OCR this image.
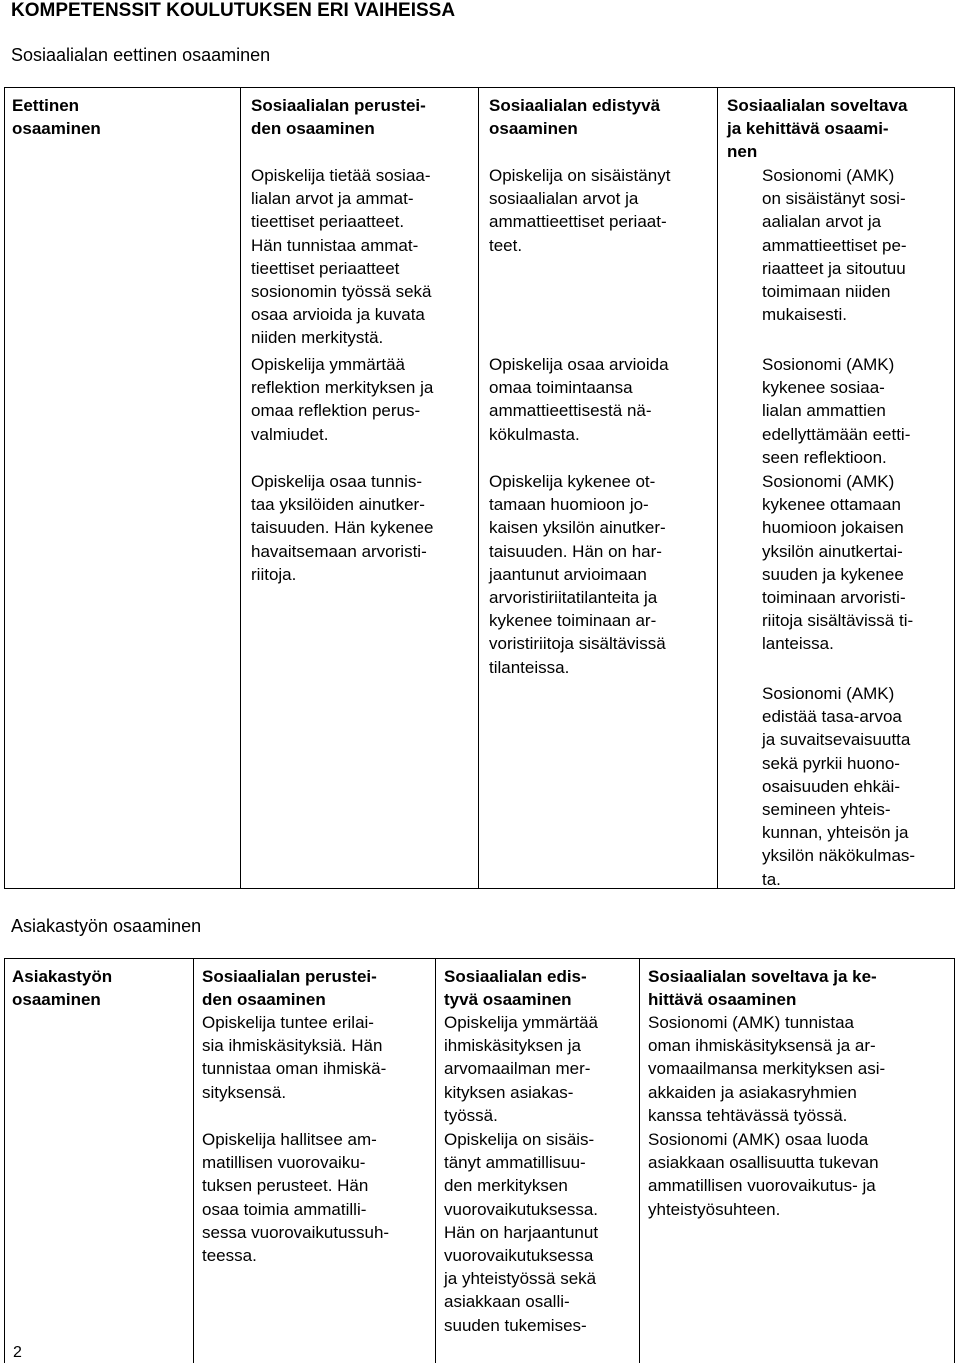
KOMPETENSSIT KOULUTUKSEN ERI VAIHEISSA
Sosiaalialan eettinen osaaminen
Eettinen
osaaminen
Sosiaalialan perustei-
den osaaminen
Opiskelija tietää sosiaa-
lialan arvot ja ammat-
tieettiset periaatteet.
Hän tunnistaa ammat-
tieettiset periaatteet
sosionomin työssä sekä
osaa arvioida ja kuvata
niiden merkitystä.
Opiskelija ymmärtää
reflektion merkityksen ja
omaa reflektion perus-
valmiudet.
Opiskelija osaa tunnis-
taa yksilöiden ainutker-
taisuuden. Hän kykenee
havaitsemaan arvoristi-
riitoja.
Sosiaalialan edistyvä
osaaminen
Opiskelija on sisäistänyt
sosiaalialan arvot ja
ammattieettiset periaat-
teet.
Opiskelija osaa arvioida
omaa toimintaansa
ammattieettisestä nä-
kökulmasta.
Opiskelija kykenee ot-
tamaan huomioon jo-
kaisen yksilön ainutker-
taisuuden. Hän on har-
jaantunut arvioimaan
arvoristiriitatilanteita ja
kykenee toiminaan ar-
voristiriitoja sisältävissä
tilanteissa.
Sosiaalialan soveltava
ja kehittävä osaami-
nen
Sosionomi (AMK)
on sisäistänyt sosi-
aalialan arvot ja
ammattieettiset pe-
riaatteet ja sitoutuu
toimimaan niiden
mukaisesti.
Sosionomi (AMK)
kykenee sosiaa-
lialan ammattien
edellyttämään eetti-
seen reflektioon.
Sosionomi (AMK)
kykenee ottamaan
huomioon jokaisen
yksilön ainutkertai-
suuden ja kykenee
toiminaan arvoristi-
riitoja sisältävissä ti-
lanteissa.
Sosionomi (AMK)
edistää tasa-arvoa
ja suvaitsevaisuutta
sekä pyrkii huono-
osaisuuden ehkäi-
semineen yhteis-
kunnan, yhteisön ja
yksilön näkökulmas-
ta.
Asiakastyön osaaminen
Asiakastyön
osaaminen
Sosiaalialan perustei-
den osaaminen
Opiskelija tuntee erilai-
sia ihmiskäsityksiä. Hän
tunnistaa oman ihmiskä-
sityksensä.
Opiskelija hallitsee am-
matillisen vuorovaiku-
tuksen perusteet. Hän
osaa toimia ammatilli-
sessa vuorovaikutussuh-
teessa.
Sosiaalialan edis-
tyvä osaaminen
Opiskelija ymmärtää
ihmiskäsityksen ja
arvomaailman mer-
kityksen asiakas-
työssä.
Opiskelija on sisäis-
tänyt ammatillisuu-
den merkityksen
vuorovaikutuksessa.
Hän on harjaantunut
vuorovaikutuksessa
ja yhteistyössä sekä
asiakkaan osalli-
suuden tukemises-
Sosiaalialan soveltava ja ke-
hittävä osaaminen
Sosionomi (AMK) tunnistaa
oman ihmiskäsityksensä ja ar-
vomaailmansa merkityksen asi-
akkaiden ja asiakasryhmien
kanssa tehtävässä työssä.
Sosionomi (AMK) osaa luoda
asiakkaan osallisuutta tukevan
ammatillisen vuorovaikutus- ja
yhteistyösuhteen.
2
